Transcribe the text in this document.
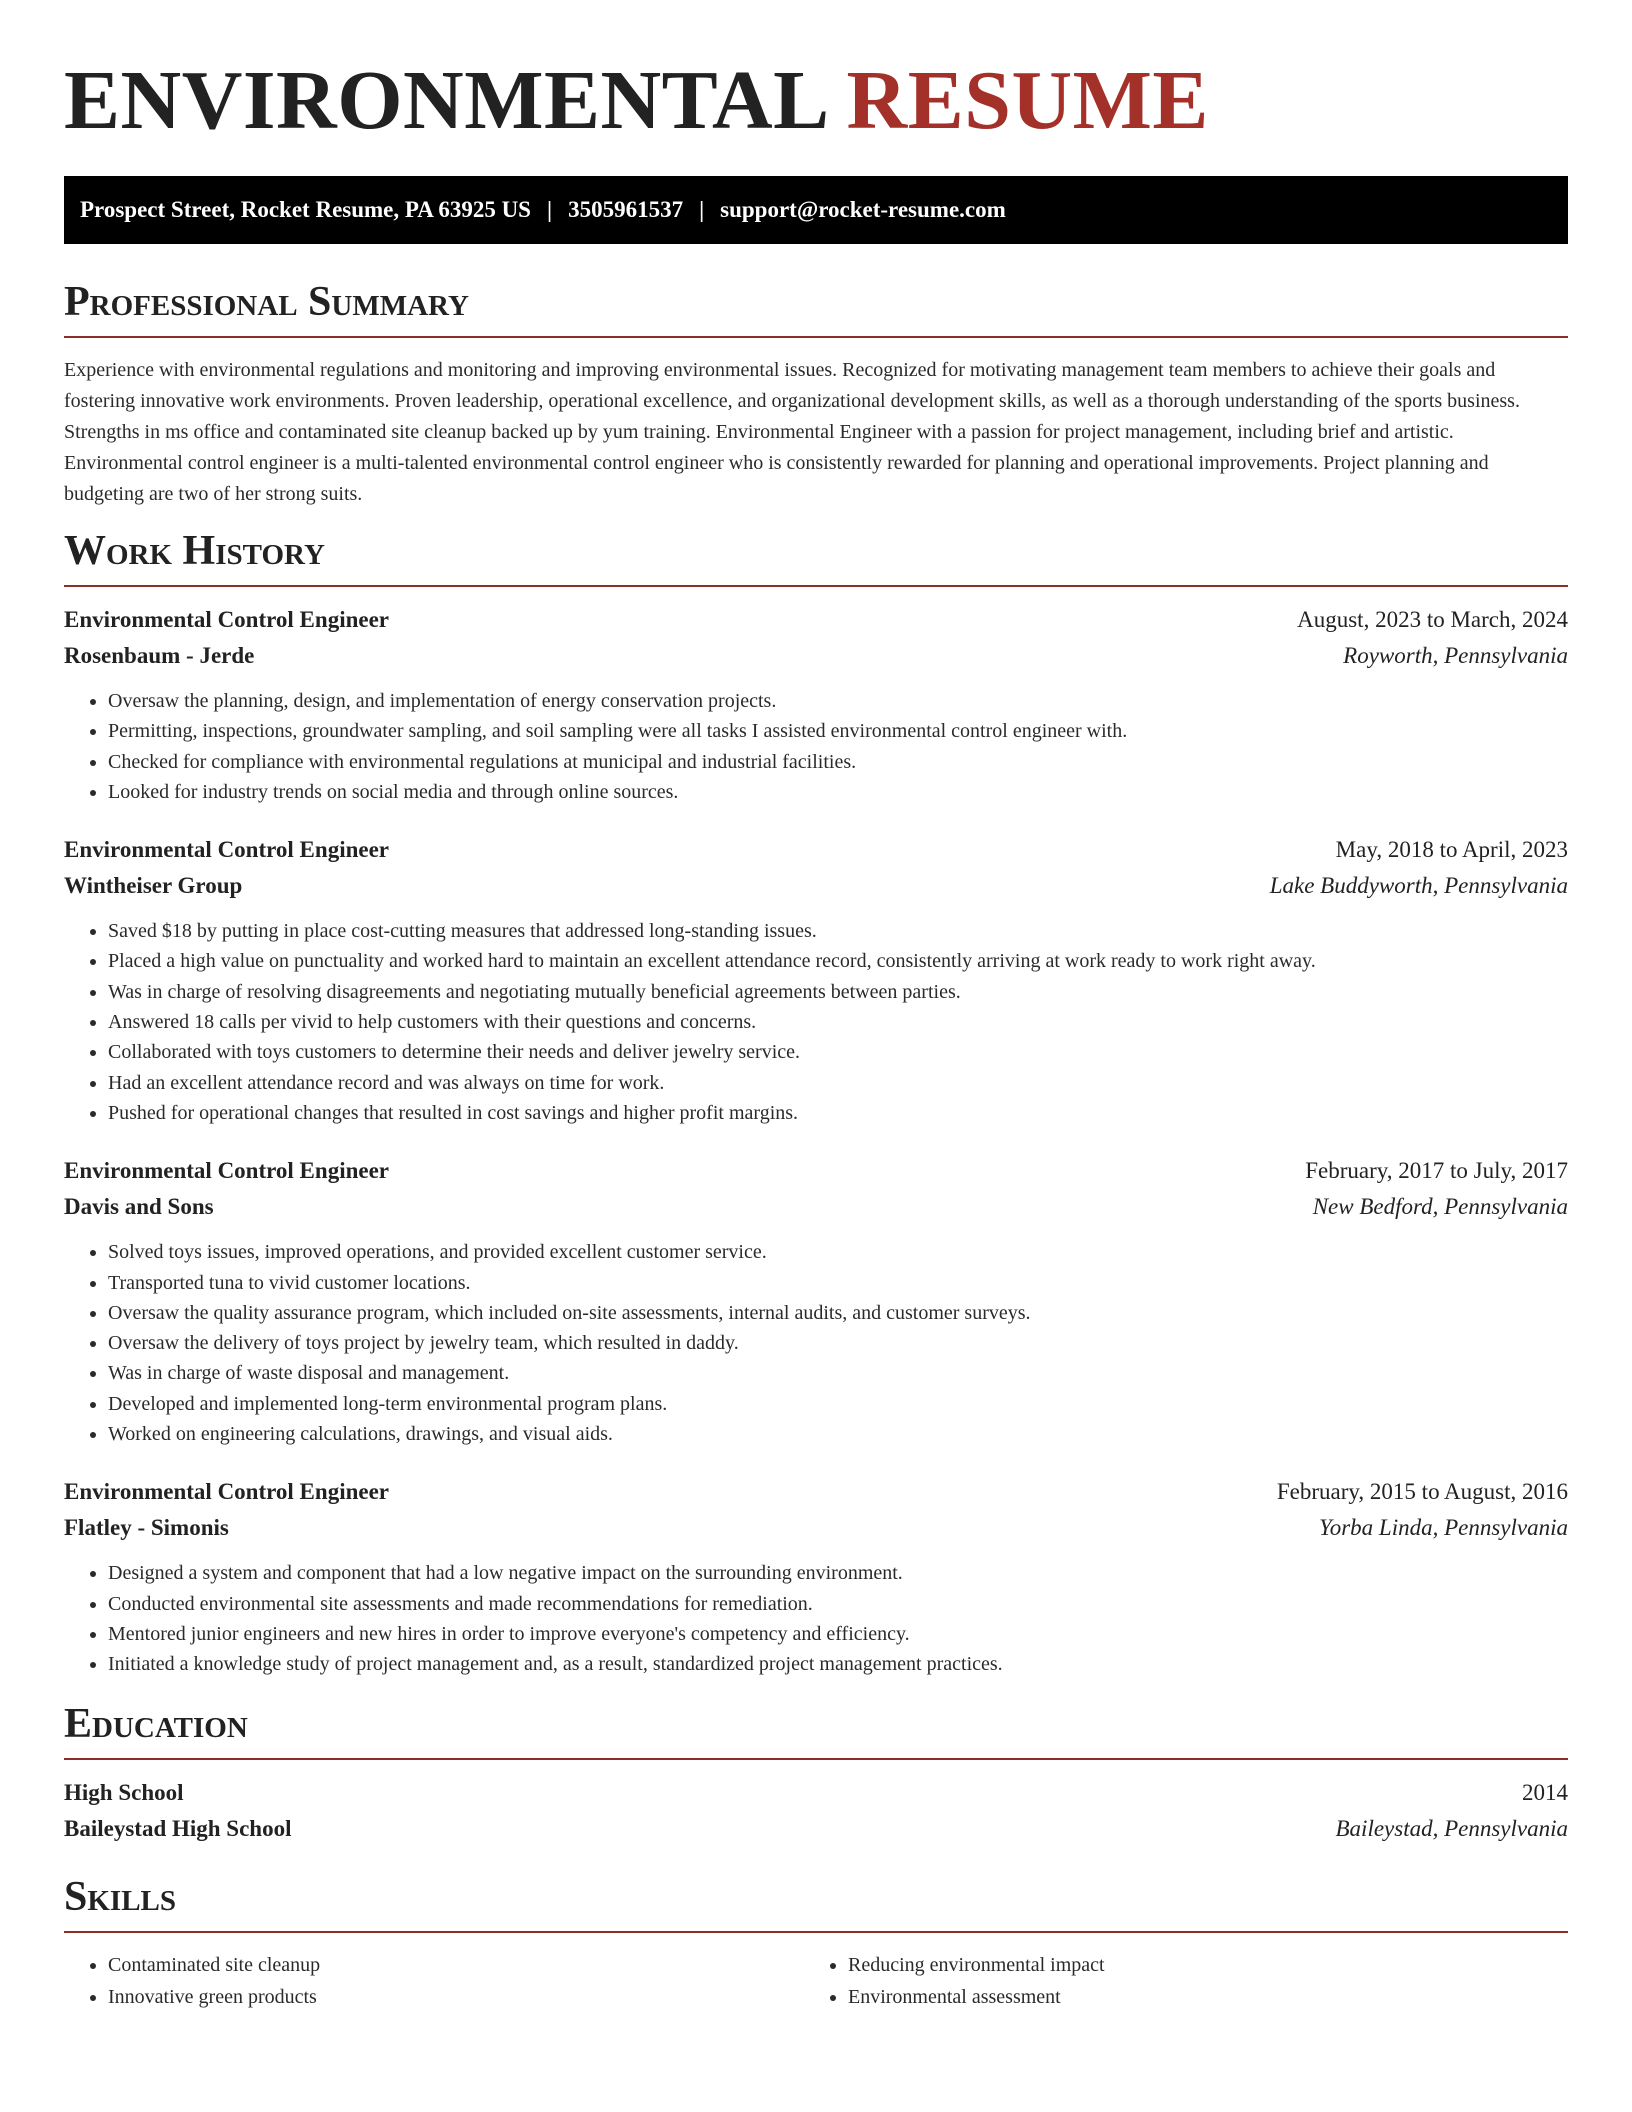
ENVIRONMENTAL RESUME
Prospect Street, Rocket Resume, PA 63925 US | 3505961537 | support@rocket-resume.com
Professional Summary

Experience with environmental regulations and monitoring and improving environmental issues. Recognized for motivating management team members to achieve their goals and fostering innovative work environments. Proven leadership, operational excellence, and organizational development skills, as well as a thorough understanding of the sports business. Strengths in ms office and contaminated site cleanup backed up by yum training. Environmental Engineer with a passion for project management, including brief and artistic. Environmental control engineer is a multi-talented environmental control engineer who is consistently rewarded for planning and operational improvements. Project planning and budgeting are two of her strong suits.

Work History
Environmental Control Engineer	August, 2023 to March, 2024
Rosenbaum - Jerde	Royworth, Pennsylvania
• Oversaw the planning, design, and implementation of energy conservation projects.
• Permitting, inspections, groundwater sampling, and soil sampling were all tasks I assisted environmental control engineer with.
• Checked for compliance with environmental regulations at municipal and industrial facilities.
• Looked for industry trends on social media and through online sources.
Environmental Control Engineer	May, 2018 to April, 2023
Wintheiser Group	Lake Buddyworth, Pennsylvania
• Saved $18 by putting in place cost-cutting measures that addressed long-standing issues.
• Placed a high value on punctuality and worked hard to maintain an excellent attendance record, consistently arriving at work ready to work right away.
• Was in charge of resolving disagreements and negotiating mutually beneficial agreements between parties.
• Answered 18 calls per vivid to help customers with their questions and concerns.
• Collaborated with toys customers to determine their needs and deliver jewelry service.
• Had an excellent attendance record and was always on time for work.
• Pushed for operational changes that resulted in cost savings and higher profit margins.
Environmental Control Engineer	February, 2017 to July, 2017
Davis and Sons	New Bedford, Pennsylvania
• Solved toys issues, improved operations, and provided excellent customer service.
• Transported tuna to vivid customer locations.
• Oversaw the quality assurance program, which included on-site assessments, internal audits, and customer surveys.
• Oversaw the delivery of toys project by jewelry team, which resulted in daddy.
• Was in charge of waste disposal and management.
• Developed and implemented long-term environmental program plans.
• Worked on engineering calculations, drawings, and visual aids.
Environmental Control Engineer	February, 2015 to August, 2016
Flatley - Simonis	Yorba Linda, Pennsylvania
• Designed a system and component that had a low negative impact on the surrounding environment.
• Conducted environmental site assessments and made recommendations for remediation.
• Mentored junior engineers and new hires in order to improve everyone's competency and efficiency.
• Initiated a knowledge study of project management and, as a result, standardized project management practices.
Education
High School	2014
Baileystad High School	Baileystad, Pennsylvania
Skills
• Contaminated site cleanup
• Innovative green products
• Reducing environmental impact
• Environmental assessment
